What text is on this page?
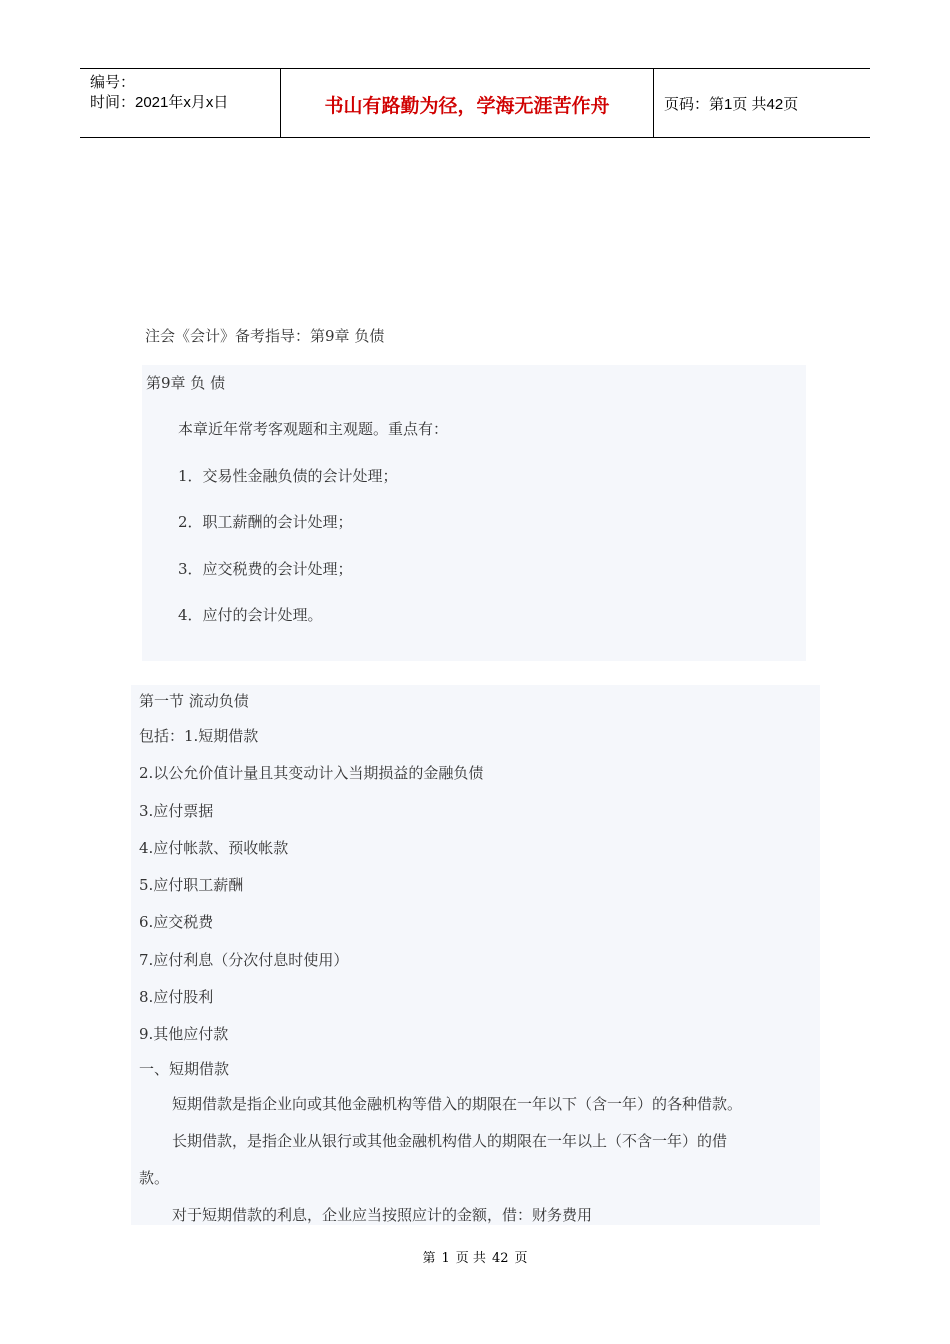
编号：
时间：2021年x月x日	书山有路勤为径，学海无涯苦作舟	页码：第1页 共42页
注会《会计》备考指导：第9章 负债
第9章 负 债
本章近年常考客观题和主观题。重点有：
1．交易性金融负债的会计处理；
2．职工薪酬的会计处理；
3．应交税费的会计处理；
4．应付的会计处理。
第一节 流动负债
包括：1.短期借款
2.以公允价值计量且其变动计入当期损益的金融负债
3.应付票据
4.应付帐款、预收帐款
5.应付职工薪酬
6.应交税费
7.应付利息（分次付息时使用）
8.应付股利
9.其他应付款
一、短期借款
短期借款是指企业向或其他金融机构等借入的期限在一年以下（含一年）的各种借款。
长期借款，是指企业从银行或其他金融机构借人的期限在一年以上（不含一年）的借
款。
对于短期借款的利息，企业应当按照应计的金额，借：财务费用
第 1 页 共 42 页
